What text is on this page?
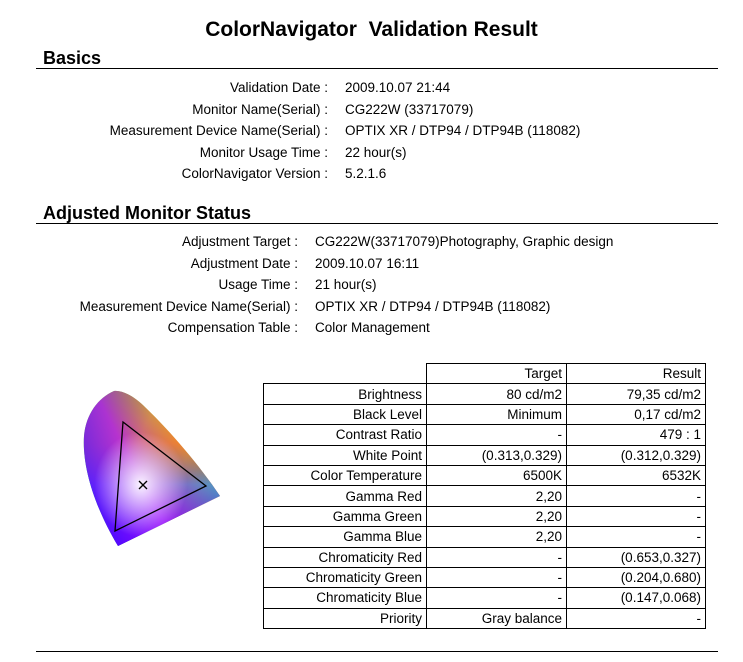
ColorNavigator  Validation Result
Basics
Validation Date : 2009.10.07 21:44
Monitor Name(Serial) : CG222W (33717079)
Measurement Device Name(Serial) : OPTIX XR / DTP94 / DTP94B (118082)
Monitor Usage Time : 22 hour(s)
ColorNavigator Version : 5.2.1.6
Adjusted Monitor Status
Adjustment Target : CG222W(33717079)Photography, Graphic design
Adjustment Date : 2009.10.07 16:11
Usage Time : 21 hour(s)
Measurement Device Name(Serial) : OPTIX XR / DTP94 / DTP94B (118082)
Compensation Table : Color Management
	Target	Result
Brightness	80 cd/m2	79,35 cd/m2
Black Level	Minimum	0,17 cd/m2
Contrast Ratio	-	479 : 1
White Point	(0.313,0.329)	(0.312,0.329)
Color Temperature	6500K	6532K
Gamma Red	2,20	-
Gamma Green	2,20	-
Gamma Blue	2,20	-
Chromaticity Red	-	(0.653,0.327)
Chromaticity Green	-	(0.204,0.680)
Chromaticity Blue	-	(0.147,0.068)
Priority	Gray balance	-
